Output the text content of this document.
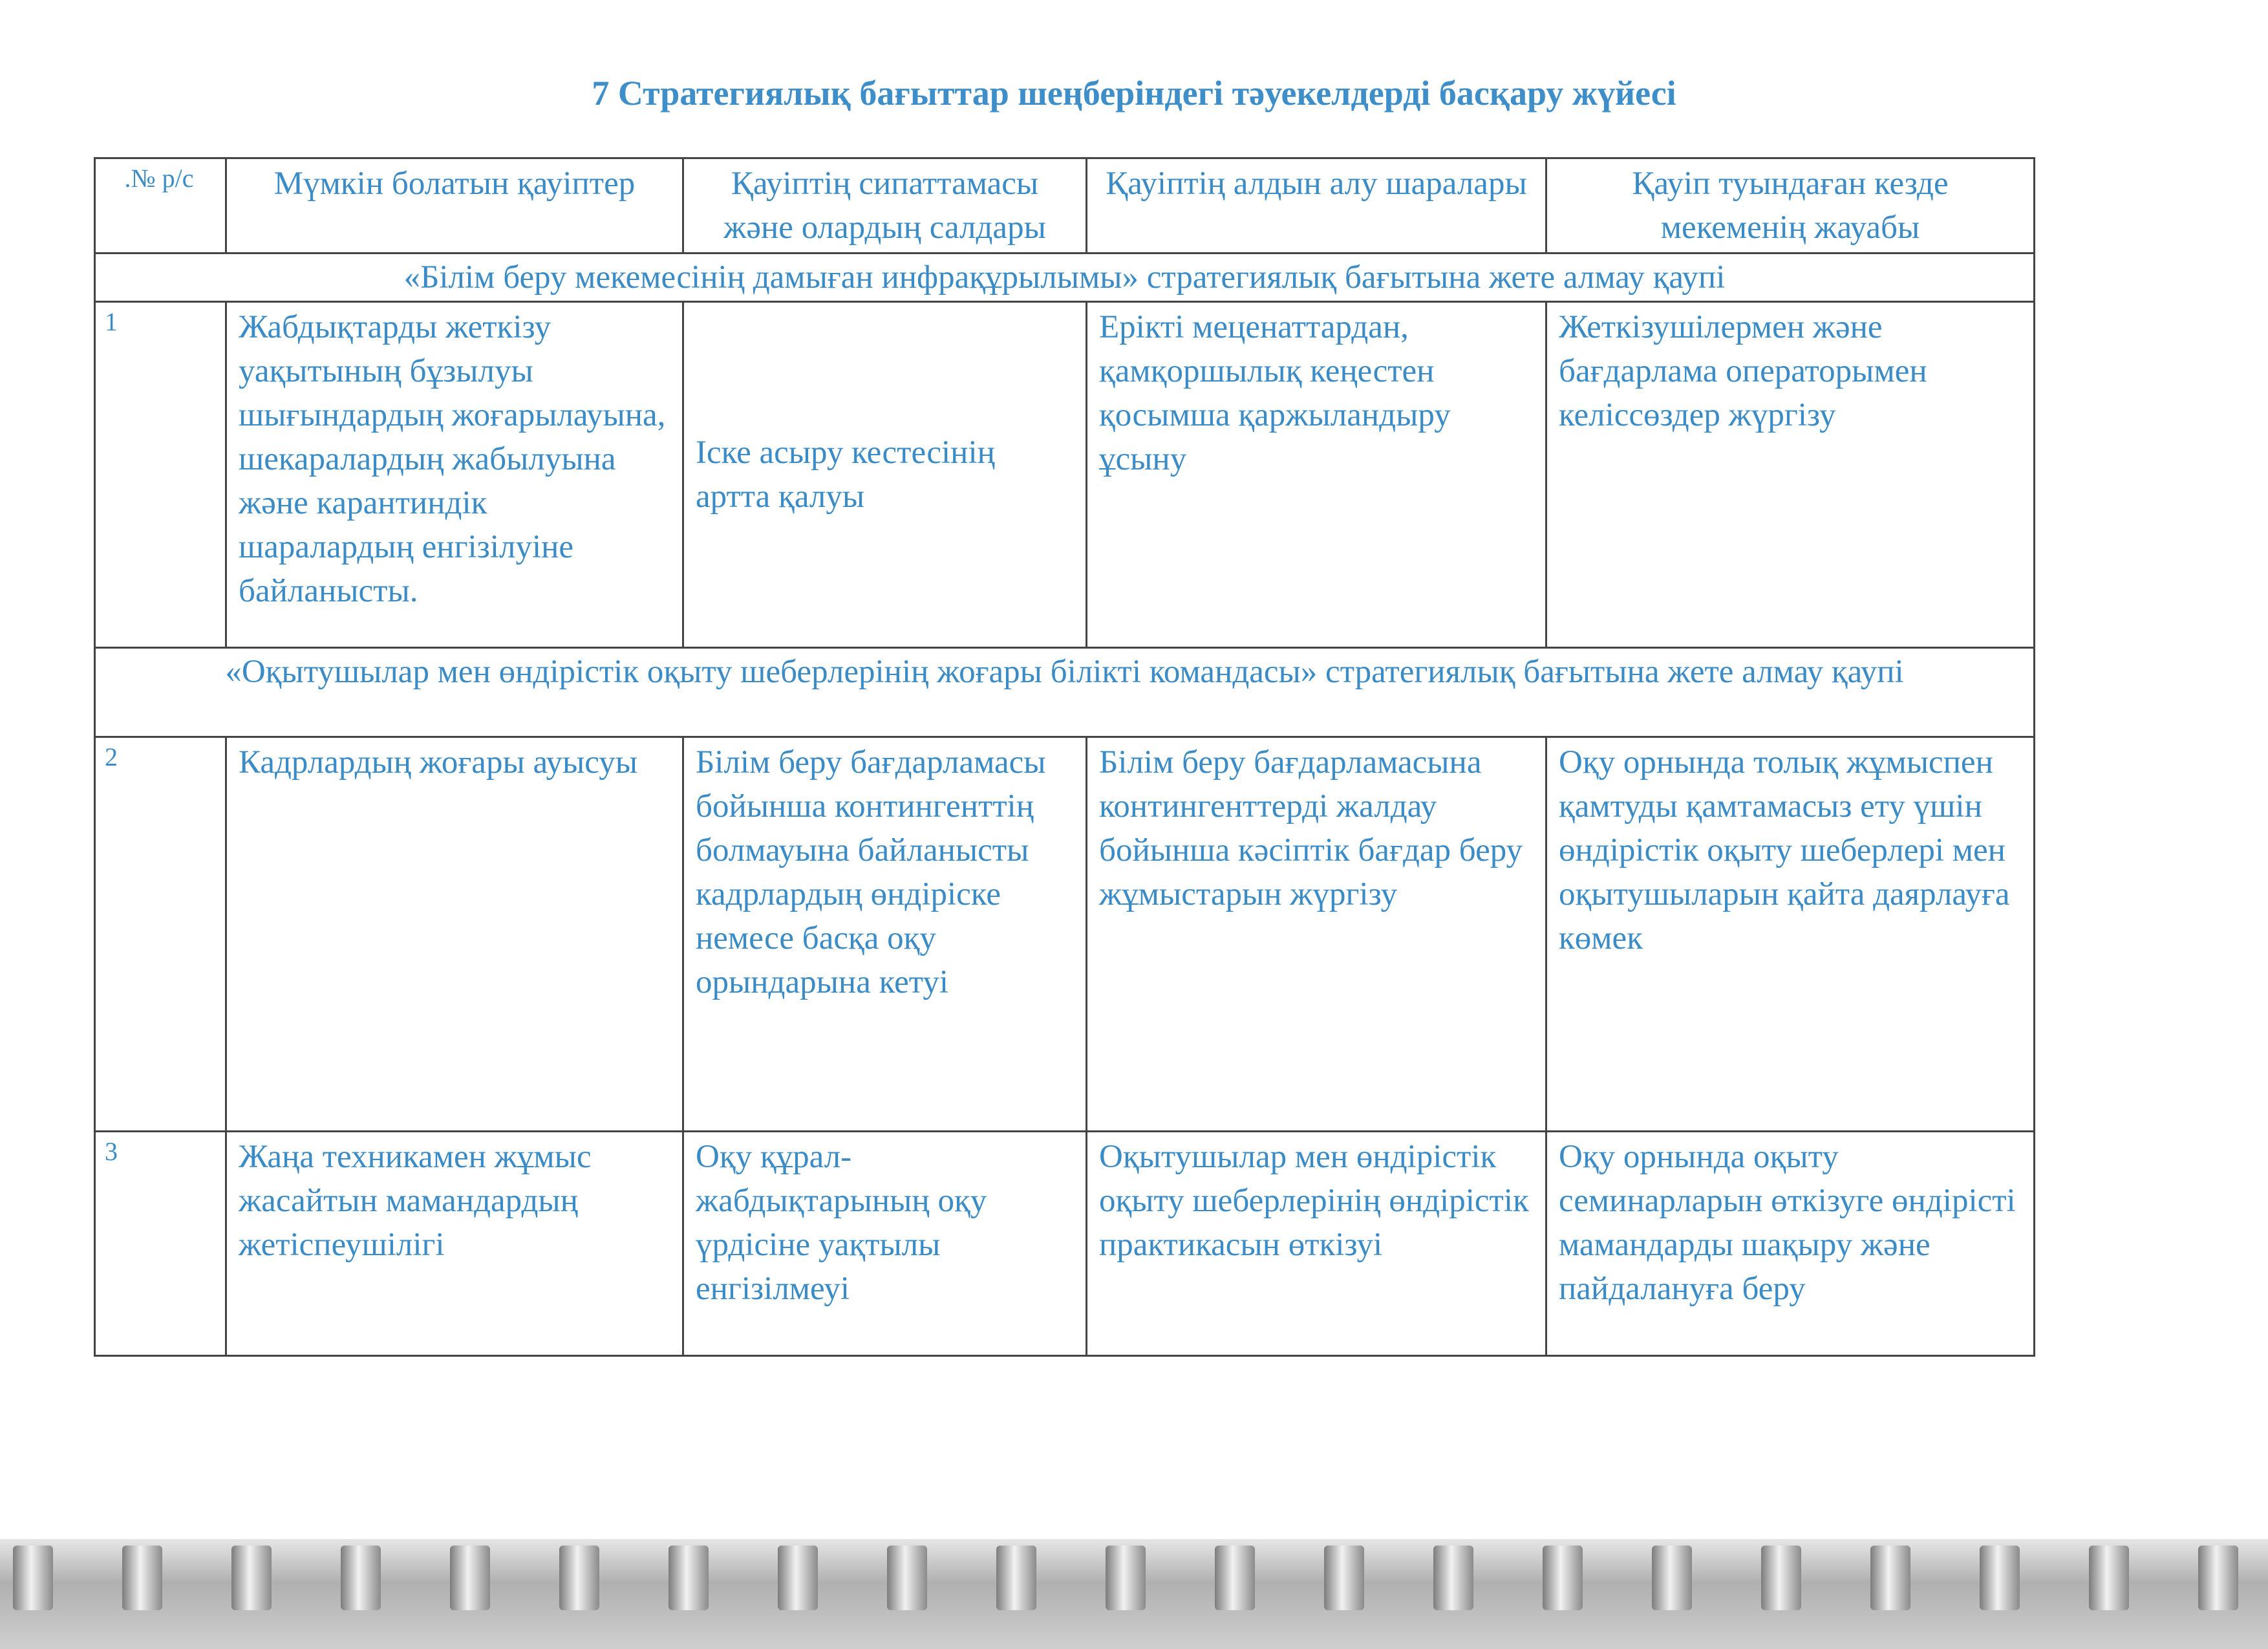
7 Стратегиялық бағыттар шеңберіндегі тәуекелдерді басқару жүйесі
.№ р/с	Мүмкін болатын қауіптер	Қауіптің сипаттамасы және олардың салдары	Қауіптің алдын алу шаралары	Қауіп туындаған кезде мекеменің жауабы
«Білім беру мекемесінің дамыған инфрақұрылымы» стратегиялық бағытына жете алмау қаупі				
1	Жабдықтарды жеткізу уақытының бұзылуы шығындардың жоғарылауына, шекаралардың жабылуына және карантиндік шаралардың енгізілуіне байланысты.	Іске асыру кестесінің артта қалуы	Ерікті меценаттардан, қамқоршылық кеңестен қосымша қаржыландыру ұсыну	Жеткізушілермен және бағдарлама операторымен келіссөздер жүргізу
«Оқытушылар мен өндірістік оқыту шеберлерінің жоғары білікті командасы» стратегиялық бағытына жете алмау қаупі				
2	Кадрлардың жоғары ауысуы	Білім беру бағдарламасы бойынша контингенттің болмауына байланысты кадрлардың өндіріске немесе басқа оқу орындарына кетуі	Білім беру бағдарламасына контингенттерді жалдау бойынша кәсіптік бағдар беру жұмыстарын жүргізу	Оқу орнында толық жұмыспен қамтуды қамтамасыз ету үшін өндірістік оқыту шеберлері мен оқытушыларын қайта даярлауға көмек
3	Жаңа техникамен жұмыс жасайтын мамандардың жетіспеушілігі	Оқу құрал-жабдықтарының оқу үрдісіне уақтылы енгізілмеуі	Оқытушылар мен өндірістік оқыту шеберлерінің өндірістік практикасын өткізуі	Оқу орнында оқыту семинарларын өткізуге өндірісті мамандарды шақыру және пайдалануға беру
